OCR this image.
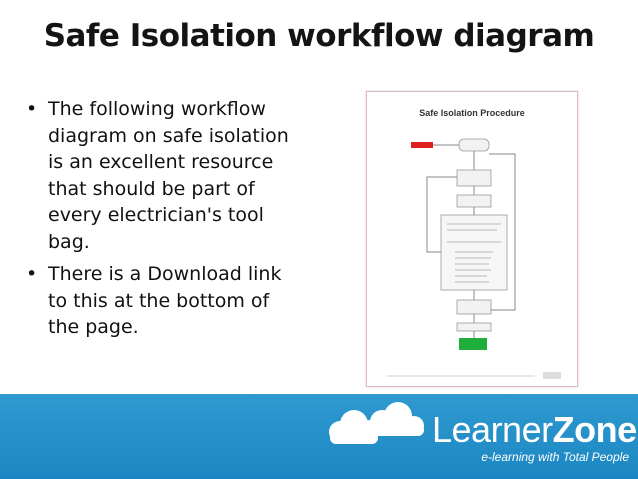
Safe Isolation workflow diagram
• The following workflow diagram on safe isolation is an excellent resource that should be part of every electrician's tool bag.
• There is a Download link to this at the bottom of the page.
Safe Isolation Procedure
LearnerZone
e-learning with Total People
